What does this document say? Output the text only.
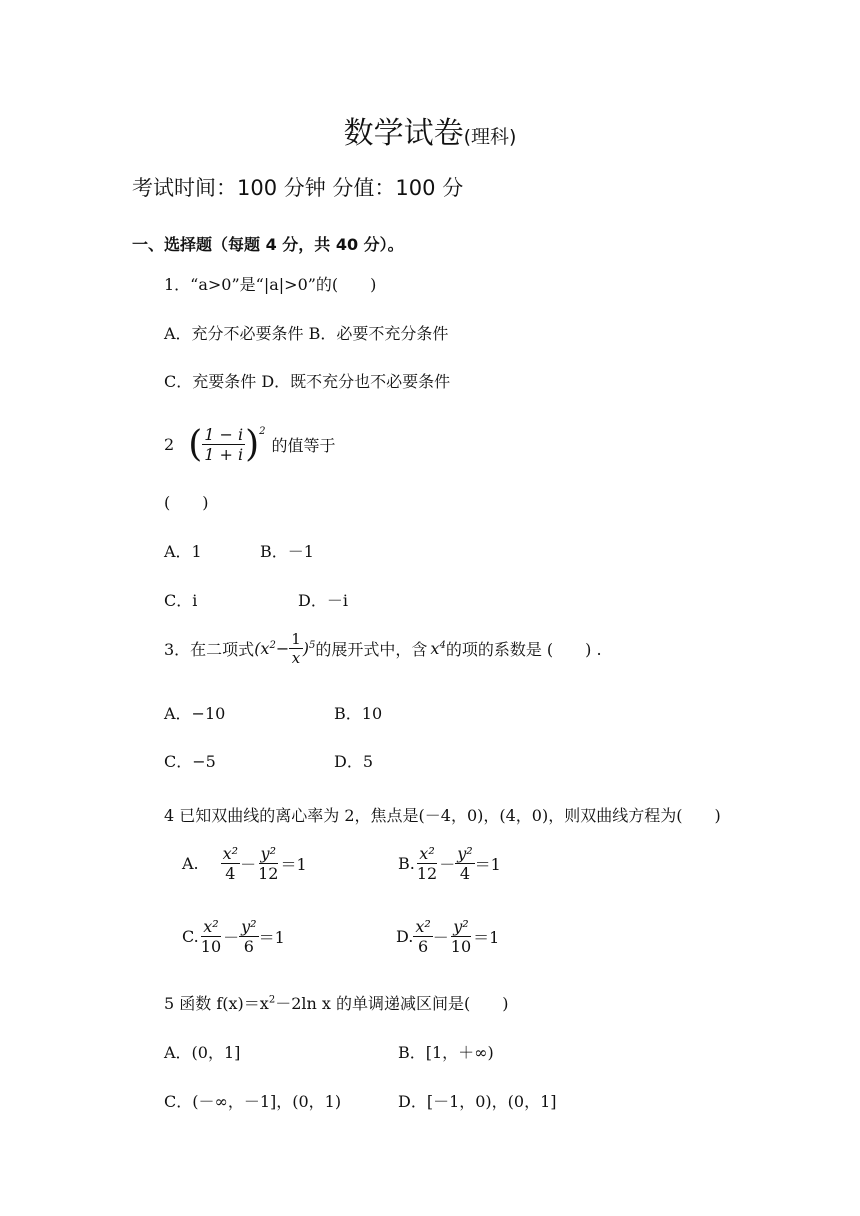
数学试卷(理科)
考试时间：100 分钟 分值：100 分
一、选择题（每题 4 分，共 40 分）。
1．“a>0”是“|a|>0”的(　　)
A．充分不必要条件 B．必要不充分条件
C．充要条件 D．既不充分也不必要条件
2 ( $\frac{1 - i}{1 + i} )^2$
的值等于
(　　)
A．1	B．－1
C．i	D．－i
3．在二项式 (x $2 - \frac{1}{x}$ ) 5 的展开式中，含 x 4 的项的系数是 (　　) .
A．−10	B．10
C．−5	D．5
4 已知双曲线的离心率为 2，焦点是(－4，0)，(4，0)，则双曲线方程为(　　)
A. $\frac{\text{x²}}{4} - \frac{\text{y²}}{12} =1$	B. $\frac{\text{x²}}{12} - \frac{\text{y²}}{4} =1$
C. $\frac{\text{x²}}{10} - \frac{\text{y²}}{6} =1$	D. $\frac{\text{x²}}{6} - \frac{\text{y²}}{10} =1$
5 函数 $f(x)=x^2-2\ln$ x 的单调递减区间是(　　)
A．(0，1]	B．[1，＋∞)
C．(－∞，－1]，(0，1)	D．[－1，0)，(0，1]
